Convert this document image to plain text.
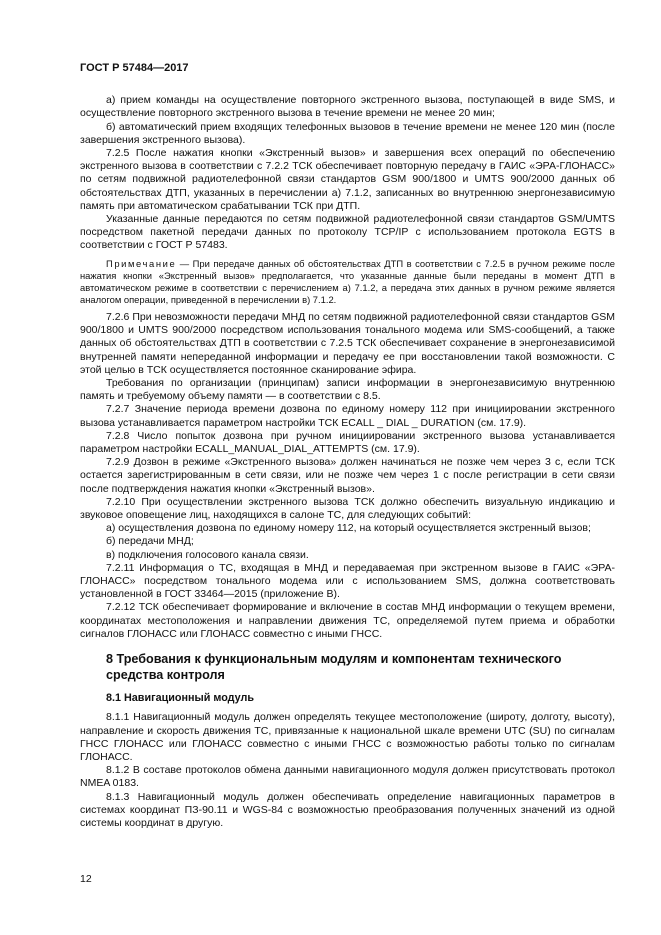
ГОСТ Р 57484—2017

а) прием команды на осуществление повторного экстренного вызова, поступающей в виде SMS, и осуществление повторного экстренного вызова в течение времени не менее 20 мин;

б) автоматический прием входящих телефонных вызовов в течение времени не менее 120 мин (после завершения экстренного вызова).

7.2.5 После нажатия кнопки «Экстренный вызов» и завершения всех операций по обеспечению экстренного вызова в соответствии с 7.2.2 ТСК обеспечивает повторную передачу в ГАИС «ЭРА-ГЛОНАСС» по сетям подвижной радиотелефонной связи стандартов GSM 900/1800 и UMTS 900/2000 данных об обстоятельствах ДТП, указанных в перечислении а) 7.1.2, записанных во внутреннюю энергонезависимую память при автоматическом срабатывании ТСК при ДТП.

Указанные данные передаются по сетям подвижной радиотелефонной связи стандартов GSM/UMTS посредством пакетной передачи данных по протоколу TCP/IP с использованием протокола EGTS в соответствии с ГОСТ Р 57483.

Примечание — При передаче данных об обстоятельствах ДТП в соответствии с 7.2.5 в ручном режиме после нажатия кнопки «Экстренный вызов» предполагается, что указанные данные были переданы в момент ДТП в автоматическом режиме в соответствии с перечислением а) 7.1.2, а передача этих данных в ручном режиме является аналогом операции, приведенной в перечислении в) 7.1.2.

7.2.6 При невозможности передачи МНД по сетям подвижной радиотелефонной связи стандартов GSM 900/1800 и UMTS 900/2000 посредством использования тонального модема или SMS-сообщений, а также данных об обстоятельствах ДТП в соответствии с 7.2.5 ТСК обеспечивает сохранение в энергонезависимой внутренней памяти непереданной информации и передачу ее при восстановлении такой возможности. С этой целью в ТСК осуществляется постоянное сканирование эфира.

Требования по организации (принципам) записи информации в энергонезависимую внутреннюю память и требуемому объему памяти — в соответствии с 8.5.

7.2.7 Значение периода времени дозвона по единому номеру 112 при инициировании экстренного вызова устанавливается параметром настройки ТСК ECALL _ DIAL _ DURATION (см. 17.9).

7.2.8 Число попыток дозвона при ручном инициировании экстренного вызова устанавливается параметром настройки ECALL_MANUAL_DIAL_ATTEMPTS (см. 17.9).

7.2.9 Дозвон в режиме «Экстренного вызова» должен начинаться не позже чем через 3 с, если ТСК остается зарегистрированным в сети связи, или не позже чем через 1 с после регистрации в сети связи после подтверждения нажатия кнопки «Экстренный вызов».

7.2.10 При осуществлении экстренного вызова ТСК должно обеспечить визуальную индикацию и звуковое оповещение лиц, находящихся в салоне ТС, для следующих событий:

а) осуществления дозвона по единому номеру 112, на который осуществляется экстренный вызов;

б) передачи МНД;

в) подключения голосового канала связи.

7.2.11 Информация о ТС, входящая в МНД и передаваемая при экстренном вызове в ГАИС «ЭРА-ГЛОНАСС» посредством тонального модема или с использованием SMS, должна соответствовать установленной в ГОСТ 33464—2015 (приложение В).

7.2.12 ТСК обеспечивает формирование и включение в состав МНД информации о текущем времени, координатах местоположения и направлении движения ТС, определяемой путем приема и обработки сигналов ГЛОНАСС или ГЛОНАСС совместно с иными ГНСС.

8 Требования к функциональным модулям и компонентам технического средства контроля
8.1 Навигационный модуль

8.1.1 Навигационный модуль должен определять текущее местоположение (широту, долготу, высоту), направление и скорость движения ТС, привязанные к национальной шкале времени UTC (SU) по сигналам ГНСС ГЛОНАСС или ГЛОНАСС совместно с иными ГНСС с возможностью работы только по сигналам ГЛОНАСС.

8.1.2 В составе протоколов обмена данными навигационного модуля должен присутствовать протокол NMEA 0183.

8.1.3 Навигационный модуль должен обеспечивать определение навигационных параметров в системах координат ПЗ-90.11 и WGS-84 с возможностью преобразования полученных значений из одной системы координат в другую.

12
